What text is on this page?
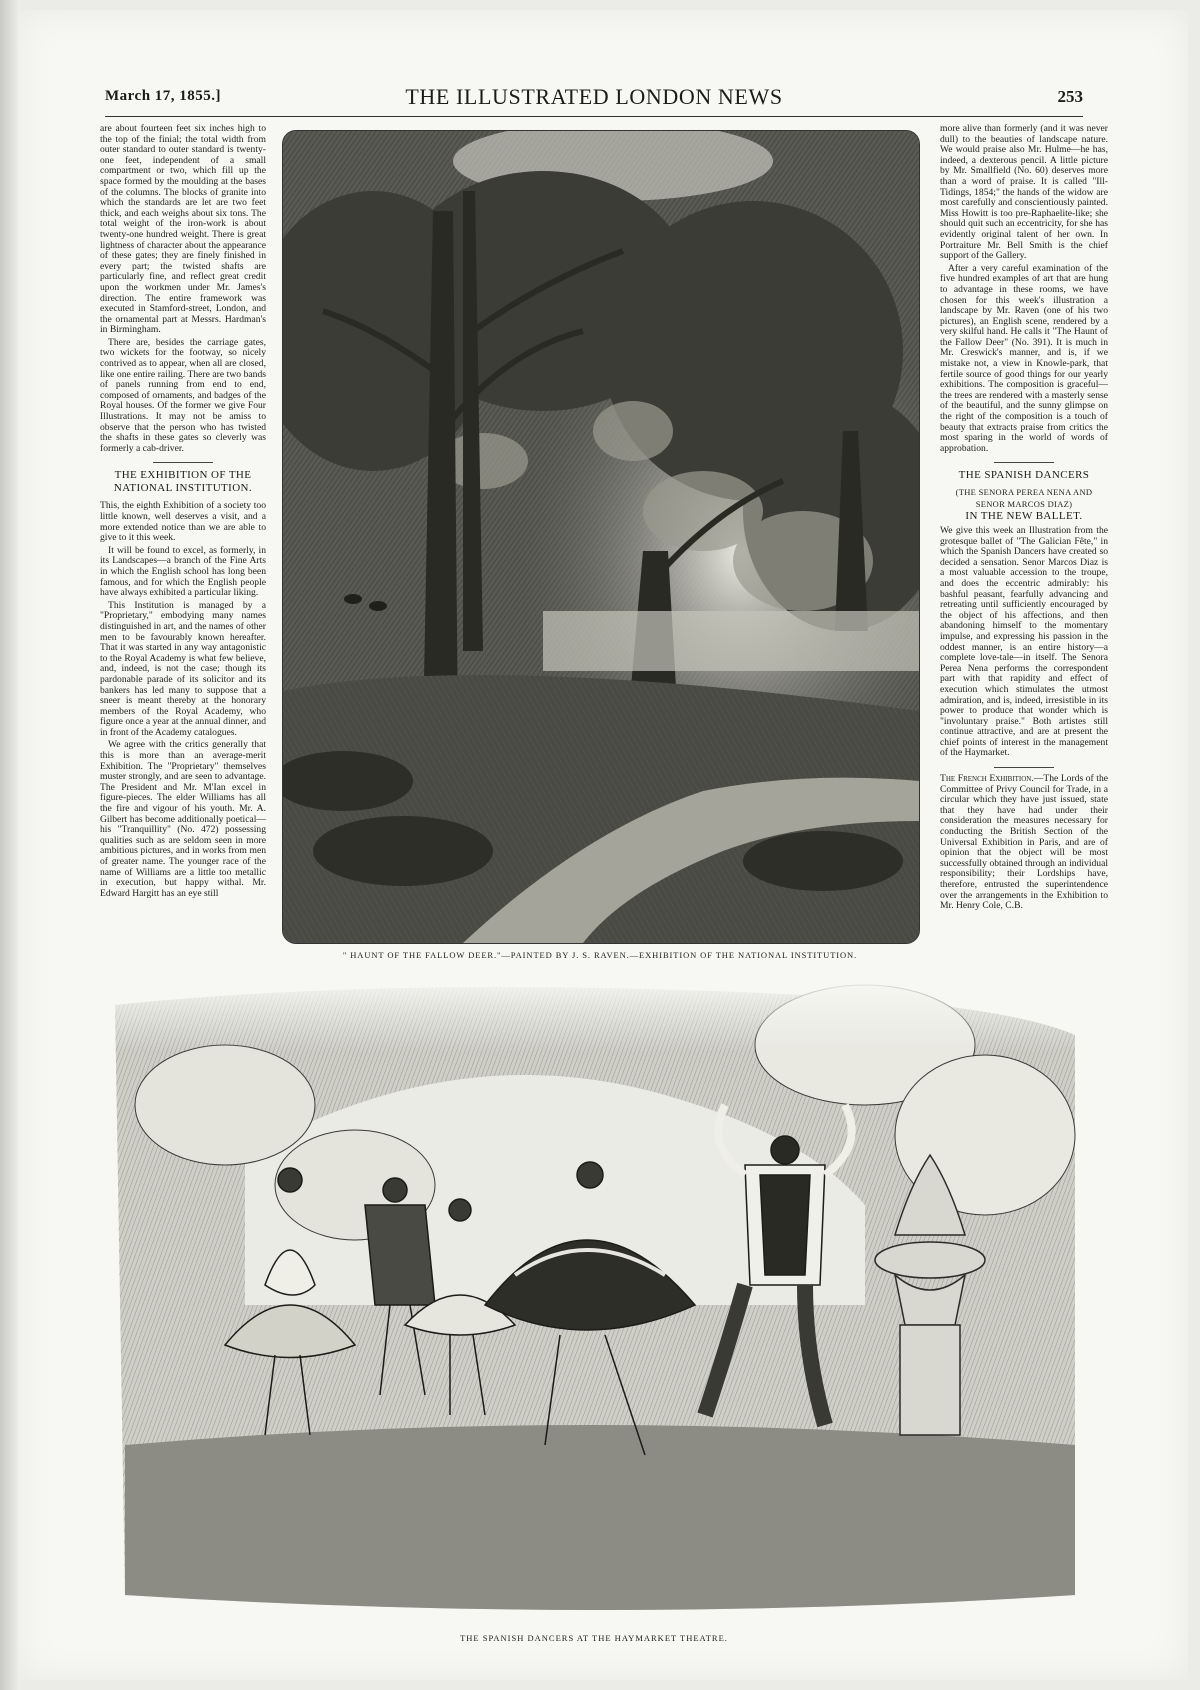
March 17, 1855.]	THE ILLUSTRATED LONDON NEWS	253

are about fourteen feet six inches high to the top of the finial; the total width from outer standard to outer standard is twenty-one feet, independent of a small compartment or two, which fill up the space formed by the moulding at the bases of the columns. The blocks of granite into which the standards are let are two feet thick, and each weighs about six tons. The total weight of the iron-work is about twenty-one hundred weight. There is great lightness of character about the appearance of these gates; they are finely finished in every part; the twisted shafts are particularly fine, and reflect great credit upon the workmen under Mr. James's direction. The entire framework was executed in Stamford-street, London, and the ornamental part at Messrs. Hardman's in Birmingham.

There are, besides the carriage gates, two wickets for the footway, so nicely contrived as to appear, when all are closed, like one entire railing. There are two bands of panels running from end to end, composed of ornaments, and badges of the Royal houses. Of the former we give Four Illustrations. It may not be amiss to observe that the person who has twisted the shafts in these gates so cleverly was formerly a cab-driver.

THE EXHIBITION OF THE
NATIONAL INSTITUTION.

This, the eighth Exhibition of a society too little known, well deserves a visit, and a more extended notice than we are able to give to it this week.

It will be found to excel, as formerly, in its Landscapes—a branch of the Fine Arts in which the English school has long been famous, and for which the English people have always exhibited a particular liking.

This Institution is managed by a "Proprietary," embodying many names distinguished in art, and the names of other men to be favourably known hereafter. That it was started in any way antagonistic to the Royal Academy is what few believe, and, indeed, is not the case; though its pardonable parade of its solicitor and its bankers has led many to suppose that a sneer is meant thereby at the honorary members of the Royal Academy, who figure once a year at the annual dinner, and in front of the Academy catalogues.

We agree with the critics generally that this is more than an average-merit Exhibition. The "Proprietary" themselves muster strongly, and are seen to advantage. The President and Mr. M'Ian excel in figure-pieces. The elder Williams has all the fire and vigour of his youth. Mr. A. Gilbert has become additionally poetical—his "Tranquillity" (No. 472) possessing qualities such as are seldom seen in more ambitious pictures, and in works from men of greater name. The younger race of the name of Williams are a little too metallic in execution, but happy withal. Mr. Edward Hargitt has an eye still

" HAUNT OF THE FALLOW DEER."—PAINTED BY J. S. RAVEN.—EXHIBITION OF THE NATIONAL INSTITUTION.

more alive than formerly (and it was never dull) to the beauties of landscape nature. We would praise also Mr. Hulme—he has, indeed, a dexterous pencil. A little picture by Mr. Smallfield (No. 60) deserves more than a word of praise. It is called "Ill-Tidings, 1854;" the hands of the widow are most carefully and conscientiously painted. Miss Howitt is too pre-Raphaelite-like; she should quit such an eccentricity, for she has evidently original talent of her own. In Portraiture Mr. Bell Smith is the chief support of the Gallery.

After a very careful examination of the five hundred examples of art that are hung to advantage in these rooms, we have chosen for this week's illustration a landscape by Mr. Raven (one of his two pictures), an English scene, rendered by a very skilful hand. He calls it "The Haunt of the Fallow Deer" (No. 391). It is much in Mr. Creswick's manner, and is, if we mistake not, a view in Knowle-park, that fertile source of good things for our yearly exhibitions. The composition is graceful—the trees are rendered with a masterly sense of the beautiful, and the sunny glimpse on the right of the composition is a touch of beauty that extracts praise from critics the most sparing in the world of words of approbation.

THE SPANISH DANCERS
(THE SENORA PEREA NENA AND
SENOR MARCOS DIAZ)
IN THE NEW BALLET.

We give this week an Illustration from the grotesque ballet of "The Galician Fête," in which the Spanish Dancers have created so decided a sensation. Senor Marcos Diaz is a most valuable accession to the troupe, and does the eccentric admirably: his bashful peasant, fearfully advancing and retreating until sufficiently encouraged by the object of his affections, and then abandoning himself to the momentary impulse, and expressing his passion in the oddest manner, is an entire history—a complete love-tale—in itself. The Senora Perea Nena performs the correspondent part with that rapidity and effect of execution which stimulates the utmost admiration, and is, indeed, irresistible in its power to produce that wonder which is "involuntary praise." Both artistes still continue attractive, and are at present the chief points of interest in the management of the Haymarket.

The French Exhibition.—The Lords of the Committee of Privy Council for Trade, in a circular which they have just issued, state that they have had under their consideration the measures necessary for conducting the British Section of the Universal Exhibition in Paris, and are of opinion that the object will be most successfully obtained through an individual responsibility; their Lordships have, therefore, entrusted the superintendence over the arrangements in the Exhibition to Mr. Henry Cole, C.B.

THE SPANISH DANCERS AT THE HAYMARKET THEATRE.
